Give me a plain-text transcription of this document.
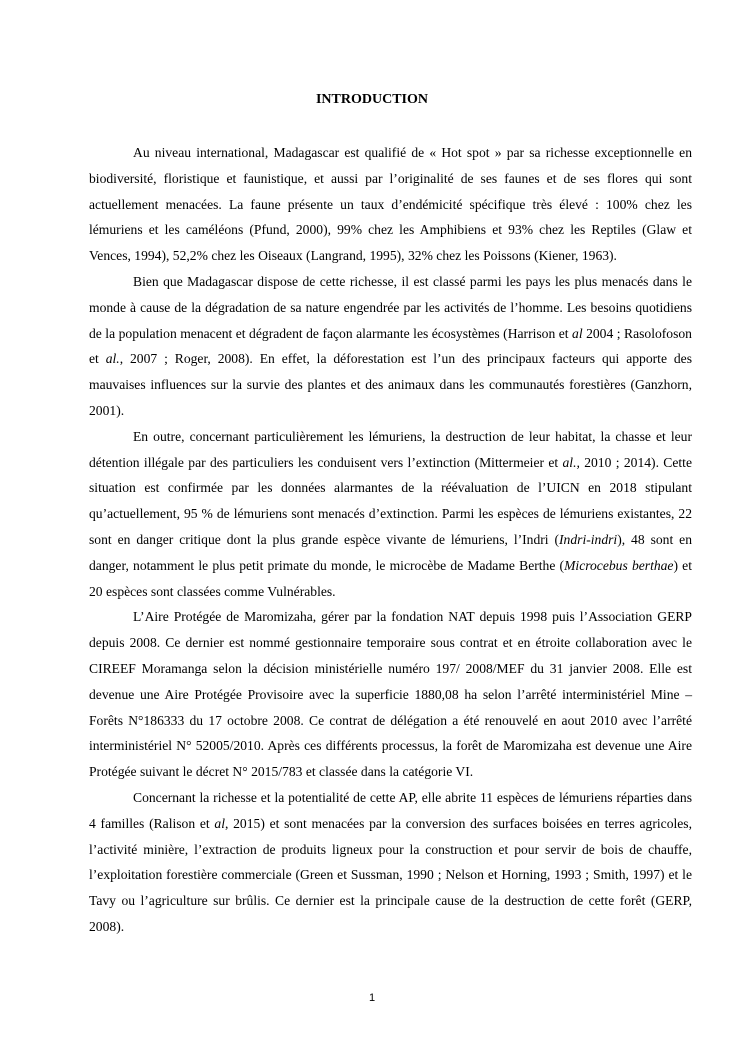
INTRODUCTION

Au niveau international, Madagascar est qualifié de « Hot spot » par sa richesse exceptionnelle en biodiversité, floristique et faunistique, et aussi par l’originalité de ses faunes et de ses flores qui sont actuellement menacées. La faune présente un taux d’endémicité spécifique très élevé : 100% chez les lémuriens et les caméléons (Pfund, 2000), 99% chez les Amphibiens et 93% chez les Reptiles (Glaw et Vences, 1994), 52,2% chez les Oiseaux (Langrand, 1995), 32% chez les Poissons (Kiener, 1963).

Bien que Madagascar dispose de cette richesse, il est classé parmi les pays les plus menacés dans le monde à cause de la dégradation de sa nature engendrée par les activités de l’homme. Les besoins quotidiens de la population menacent et dégradent de façon alarmante les écosystèmes (Harrison et al 2004 ; Rasolofoson et al., 2007 ; Roger, 2008). En effet, la déforestation est l’un des principaux facteurs qui apporte des mauvaises influences sur la survie des plantes et des animaux dans les communautés forestières (Ganzhorn, 2001).

En outre, concernant particulièrement les lémuriens, la destruction de leur habitat, la chasse et leur détention illégale par des particuliers les conduisent vers l’extinction (Mittermeier et al., 2010 ; 2014). Cette situation est confirmée par les données alarmantes de la réévaluation de l’UICN en 2018 stipulant qu’actuellement, 95 % de lémuriens sont menacés d’extinction. Parmi les espèces de lémuriens existantes, 22 sont en danger critique dont la plus grande espèce vivante de lémuriens, l’Indri (Indri-indri), 48 sont en danger, notamment le plus petit primate du monde, le microcèbe de Madame Berthe (Microcebus berthae) et 20 espèces sont classées comme Vulnérables.

L’Aire Protégée de Maromizaha, gérer par la fondation NAT depuis 1998 puis l’Association GERP depuis 2008. Ce dernier est nommé gestionnaire temporaire sous contrat et en étroite collaboration avec le CIREEF Moramanga selon la décision ministérielle numéro 197/ 2008/MEF du 31 janvier 2008. Elle est devenue une Aire Protégée Provisoire avec la superficie 1880,08 ha selon l’arrêté interministériel Mine –Forêts N°186333 du 17 octobre 2008. Ce contrat de délégation a été renouvelé en aout 2010 avec l’arrêté interministériel N° 52005/2010. Après ces différents processus, la forêt de Maromizaha est devenue une Aire Protégée suivant le décret N° 2015/783 et classée dans la catégorie VI.

Concernant la richesse et la potentialité de cette AP, elle abrite 11 espèces de lémuriens réparties dans 4 familles (Ralison et al, 2015) et sont menacées par la conversion des surfaces boisées en terres agricoles, l’activité minière, l’extraction de produits ligneux pour la construction et pour servir de bois de chauffe, l’exploitation forestière commerciale (Green et Sussman, 1990 ; Nelson et Horning, 1993 ; Smith, 1997) et le Tavy ou l’agriculture sur brûlis. Ce dernier est la principale cause de la destruction de cette forêt (GERP, 2008).

1
